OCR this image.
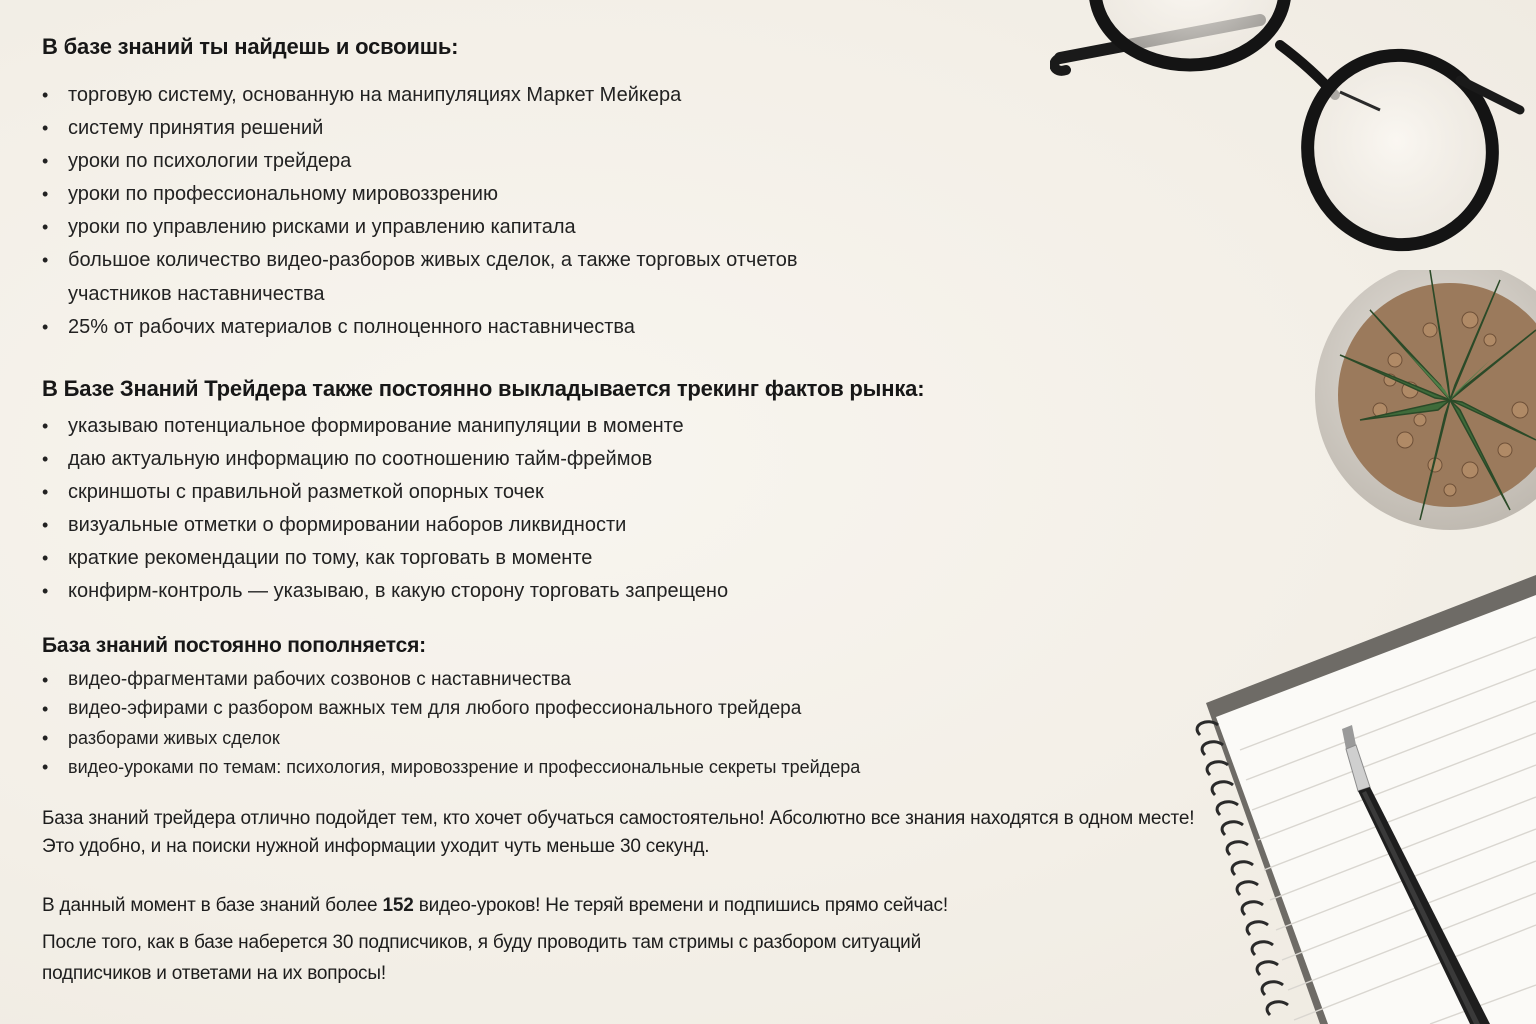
В базе знаний ты найдешь и освоишь:
• торговую систему, основанную на манипуляциях Маркет Мейкера
• систему принятия решений
• уроки по психологии трейдера
• уроки по профессиональному мировоззрению
• уроки по управлению рисками и управлению капитала
• большое количество видео-разборов живых сделок, а также торговых отчетов
участников наставничества
• 25% от рабочих материалов с полноценного наставничества
В Базе Знаний Трейдера также постоянно выкладывается трекинг фактов рынка:
• указываю потенциальное формирование манипуляции в моменте
• даю актуальную информацию по соотношению тайм-фреймов
• скриншоты с правильной разметкой опорных точек
• визуальные отметки о формировании наборов ликвидности
• краткие рекомендации по тому, как торговать в моменте
• конфирм-контроль — указываю, в какую сторону торговать запрещено
База знаний постоянно пополняется:
• видео-фрагментами рабочих созвонов с наставничества
• видео-эфирами с разбором важных тем для любого профессионального трейдера
• разборами живых сделок
• видео-уроками по темам: психология, мировоззрение и профессиональные секреты трейдера
База знаний трейдера отлично подойдет тем, кто хочет обучаться самостоятельно! Абсолютно все знания находятся в одном месте!
Это удобно, и на поиски нужной информации уходит чуть меньше 30 секунд.
В данный момент в базе знаний более 152 видео-уроков! Не теряй времени и подпишись прямо сейчас!
После того, как в базе наберется 30 подписчиков, я буду проводить там стримы с разбором ситуаций
подписчиков и ответами на их вопросы!
